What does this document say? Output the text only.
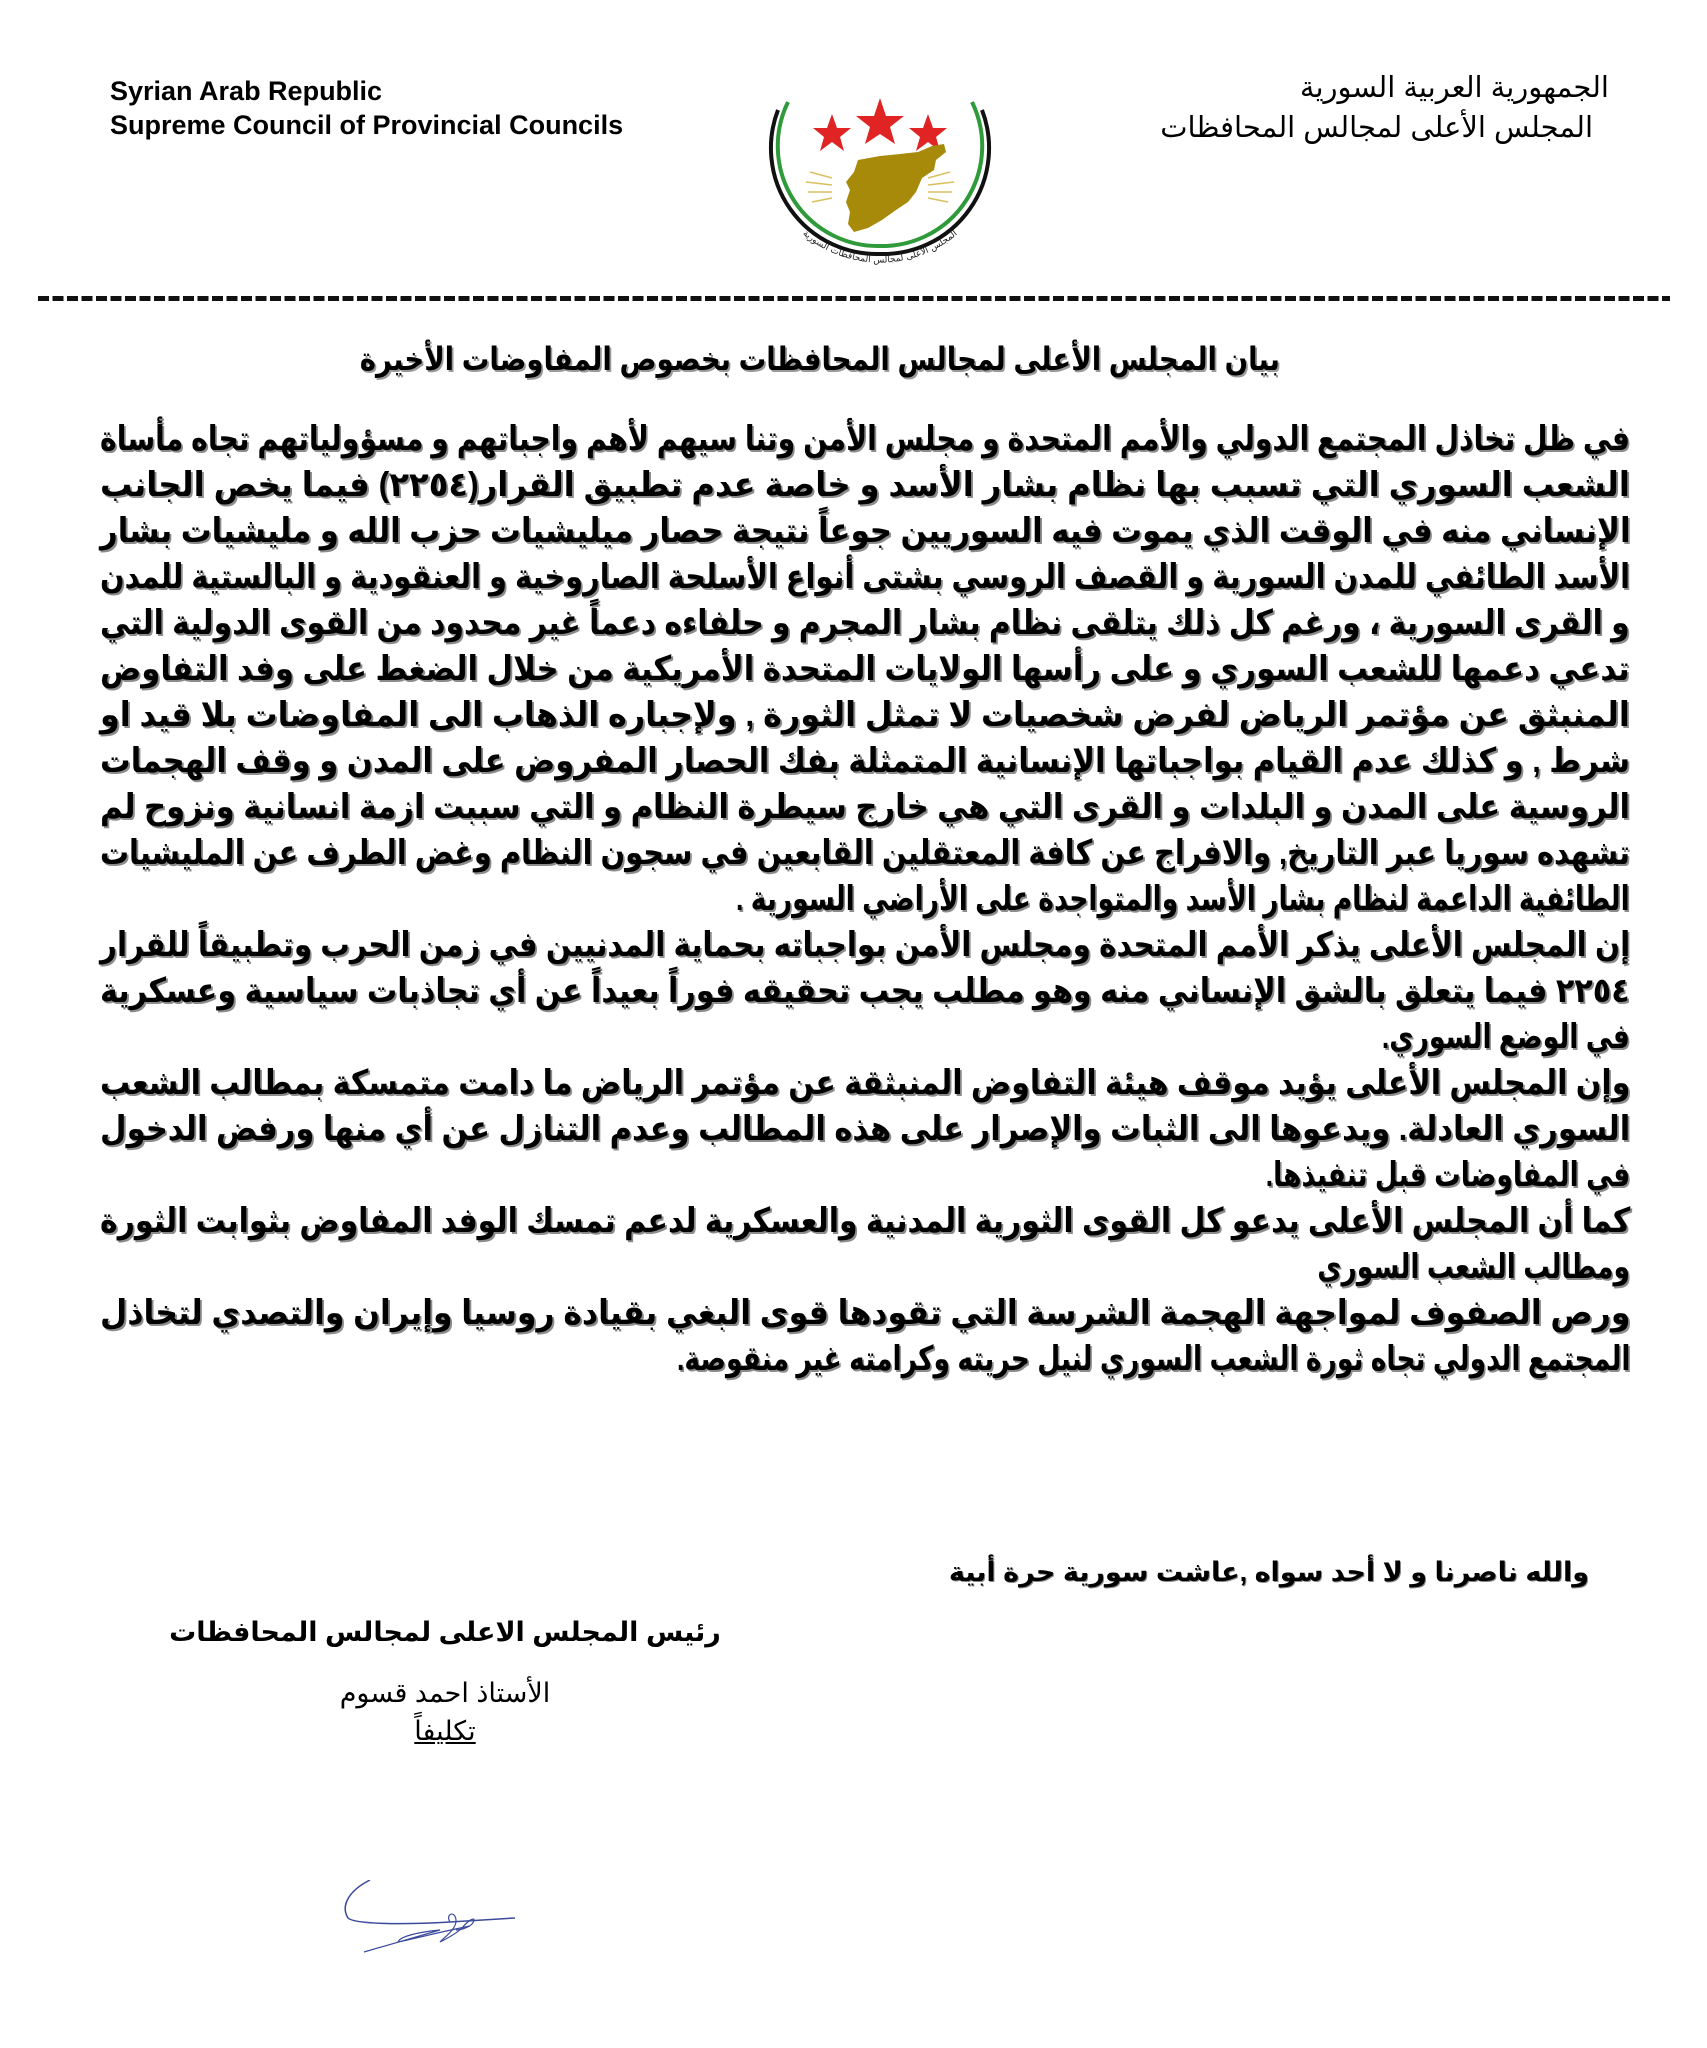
Syrian Arab Republic
Supreme Council of Provincial Councils
الجمهورية العربية السورية
المجلس الأعلى لمجالس المحافظات
المجلس الأعلى لمجالس المحافظات السورية
بيان المجلس الأعلى لمجالس المحافظات بخصوص المفاوضات الأخيرة
في ظل تخاذل المجتمع الدولي والأمم المتحدة و مجلس الأمن وتنا سيهم لأهم واجباتهم و مسؤولياتهم تجاه مأساة
الشعب السوري التي تسبب بها نظام بشار الأسد و خاصة عدم تطبيق القرار(٢٢٥٤) فيما يخص الجانب
الإنساني منه في الوقت الذي يموت فيه السوريين جوعاً نتيجة حصار ميليشيات حزب الله و مليشيات بشار
الأسد الطائفي للمدن السورية و القصف الروسي بشتى أنواع الأسلحة الصاروخية و العنقودية و البالستية للمدن
و القرى السورية ، ورغم كل ذلك يتلقى نظام بشار المجرم و حلفاءه دعماً غير محدود من القوى الدولية التي
تدعي دعمها للشعب السوري و على رأسها الولايات المتحدة الأمريكية من خلال الضغط على وفد التفاوض
المنبثق عن مؤتمر الرياض لفرض شخصيات لا تمثل الثورة , ولإجباره الذهاب الى المفاوضات بلا قيد او
شرط , و كذلك عدم القيام بواجباتها الإنسانية المتمثلة بفك الحصار المفروض على المدن و وقف الهجمات
الروسية على المدن و البلدات و القرى التي هي خارج سيطرة النظام و التي سببت ازمة انسانية ونزوح لم
تشهده سوريا عبر التاريخ, والافراج عن كافة المعتقلين القابعين في سجون النظام وغض الطرف عن المليشيات
الطائفية الداعمة لنظام بشار الأسد والمتواجدة على الأراضي السورية .
إن المجلس الأعلى يذكر الأمم المتحدة ومجلس الأمن بواجباته بحماية المدنيين في زمن الحرب وتطبيقاً للقرار
٢٢٥٤ فيما يتعلق بالشق الإنساني منه وهو مطلب يجب تحقيقه فوراً بعيداً عن أي تجاذبات سياسية وعسكرية
في الوضع السوري.
وإن المجلس الأعلى يؤيد موقف هيئة التفاوض المنبثقة عن مؤتمر الرياض ما دامت متمسكة بمطالب الشعب
السوري العادلة. ويدعوها الى الثبات والإصرار على هذه المطالب وعدم التنازل عن أي منها ورفض الدخول
في المفاوضات قبل تنفيذها.
كما أن المجلس الأعلى يدعو كل القوى الثورية المدنية والعسكرية لدعم تمسك الوفد المفاوض بثوابت الثورة
ومطالب الشعب السوري
ورص الصفوف لمواجهة الهجمة الشرسة التي تقودها قوى البغي بقيادة روسيا وإيران والتصدي لتخاذل
المجتمع الدولي تجاه ثورة الشعب السوري لنيل حريته وكرامته غير منقوصة.
والله ناصرنا و لا أحد سواه ,عاشت سورية حرة أبية
رئيس المجلس الاعلى لمجالس المحافظات
الأستاذ احمد قسوم
تكليفاً
